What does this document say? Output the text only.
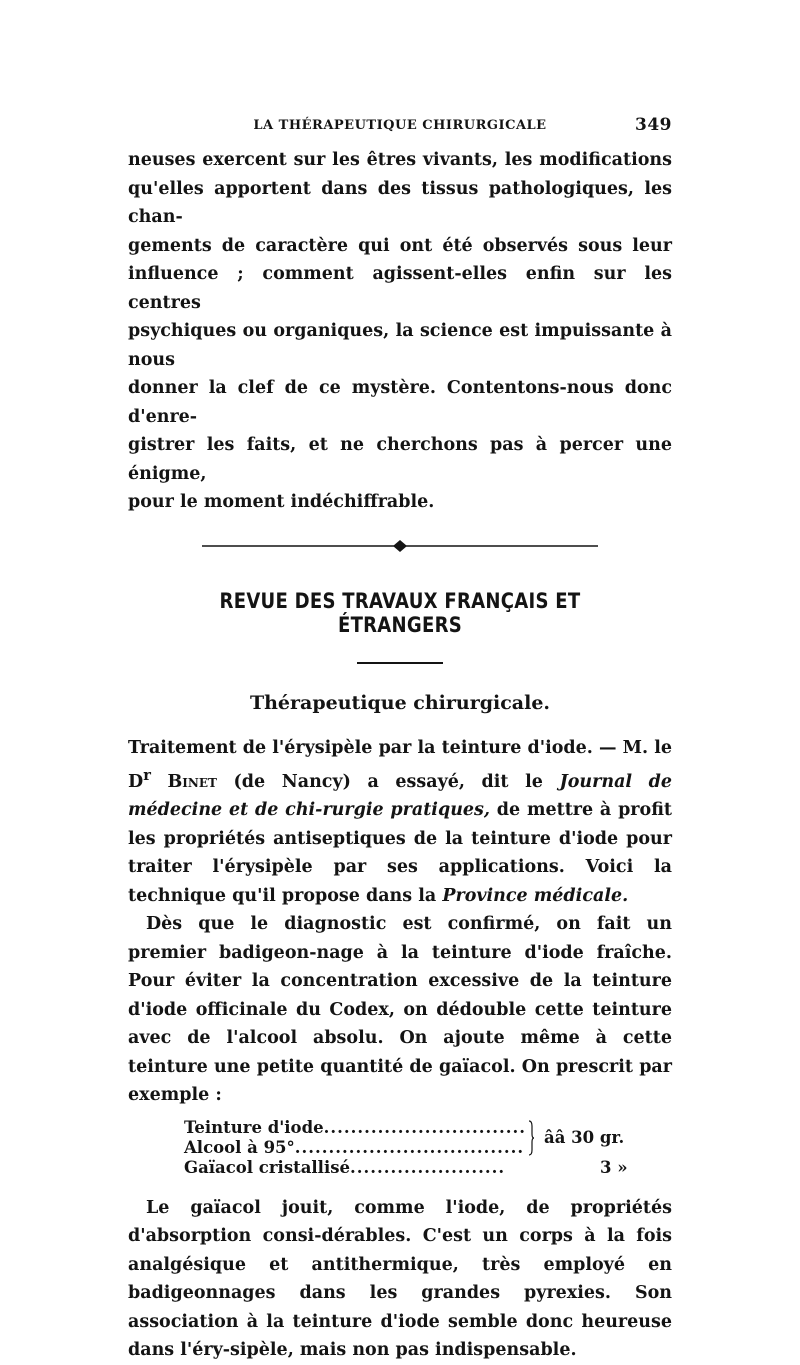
LA THÉRAPEUTIQUE CHIRURGICALE	349
neuses exercent sur les êtres vivants, les modifications
qu'elles apportent dans des tissus pathologiques, les chan-
gements de caractère qui ont été observés sous leur
influence ; comment agissent-elles enfin sur les centres
psychiques ou organiques, la science est impuissante à nous
donner la clef de ce mystère. Contentons-nous donc d'enre-
gistrer les faits, et ne cherchons pas à percer une énigme,
pour le moment indéchiffrable.
REVUE DES TRAVAUX FRANÇAIS ET ÉTRANGERS
Thérapeutique chirurgicale.

Traitement de l'érysipèle par la teinture d'iode. — M. le $D^r$ Binet (de Nancy) a essayé, dit le Journal de médecine et de chi-rurgie pratiques, de mettre à profit les propriétés antiseptiques de la teinture d'iode pour traiter l'érysipèle par ses applications. Voici la technique qu'il propose dans la Province médicale.

Dès que le diagnostic est confirmé, on fait un premier badigeon-nage à la teinture d'iode fraîche. Pour éviter la concentration excessive de la teinture d'iode officinale du Codex, on dédouble cette teinture avec de l'alcool absolu. On ajoute même à cette teinture une petite quantité de gaïacol. On prescrit par exemple :

Teinture d'iode
.....
Alcool à 95°
.....
ââ 30 gr.
Gaïacol cristallisé
.....	3 »

Le gaïacol jouit, comme l'iode, de propriétés d'absorption consi-dérables. C'est un corps à la fois analgésique et antithermique, très employé en badigeonnages dans les grandes pyrexies. Son association à la teinture d'iode semble donc heureuse dans l'éry-sipèle, mais non pas indispensable.
